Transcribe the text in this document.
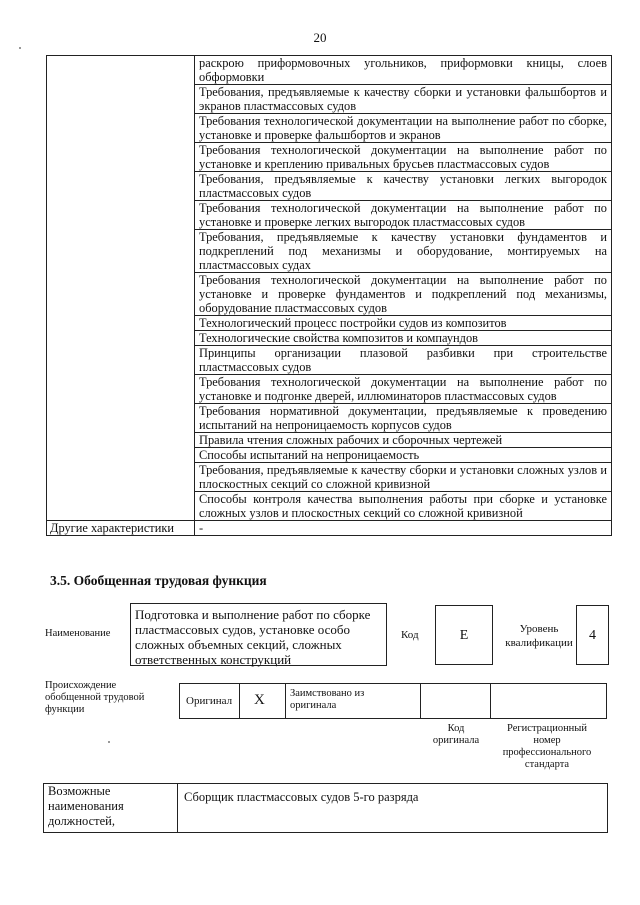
20
	раскрою приформовочных угольников, приформовки кницы, слоев обформовки
	Требования, предъявляемые к качеству сборки и установки фальшбортов и экранов пластмассовых судов
	Требования технологической документации на выполнение работ по сборке, установке и проверке фальшбортов и экранов
	Требования технологической документации на выполнение работ по установке и креплению привальных брусьев пластмассовых судов
	Требования, предъявляемые к качеству установки легких выгородок пластмассовых судов
	Требования технологической документации на выполнение работ по установке и проверке легких выгородок пластмассовых судов
	Требования, предъявляемые к качеству установки фундаментов и подкреплений под механизмы и оборудование, монтируемых на пластмассовых судах
	Требования технологической документации на выполнение работ по установке и проверке фундаментов и подкреплений под механизмы, оборудование пластмассовых судов
	Технологический процесс постройки судов из композитов
	Технологические свойства композитов и компаундов
	Принципы организации плазовой разбивки при строительстве пластмассовых судов
	Требования технологической документации на выполнение работ по установке и подгонке дверей, иллюминаторов пластмассовых судов
	Требования нормативной документации, предъявляемые к проведению испытаний на непроницаемость корпусов судов
	Правила чтения сложных рабочих и сборочных чертежей
	Способы испытаний на непроницаемость
	Требования, предъявляемые к качеству сборки и установки сложных узлов и плоскостных секций со сложной кривизной
	Способы контроля качества выполнения работы при сборке и установке сложных узлов и плоскостных секций со сложной кривизной
Другие характеристики	-
3.5. Обобщенная трудовая функция
Наименование
Подготовка и выполнение работ по сборке пластмассовых судов, установке особо сложных объемных секций, сложных ответственных конструкций
Код	E	Уровень квалификации	4
Происхождение обобщенной трудовой функции
Оригинал X Заимствовано из оригинала
Код оригинала
Регистрационный номер профессионального стандарта
Возможные наименования должностей,
Сборщик пластмассовых судов 5-го разряда
